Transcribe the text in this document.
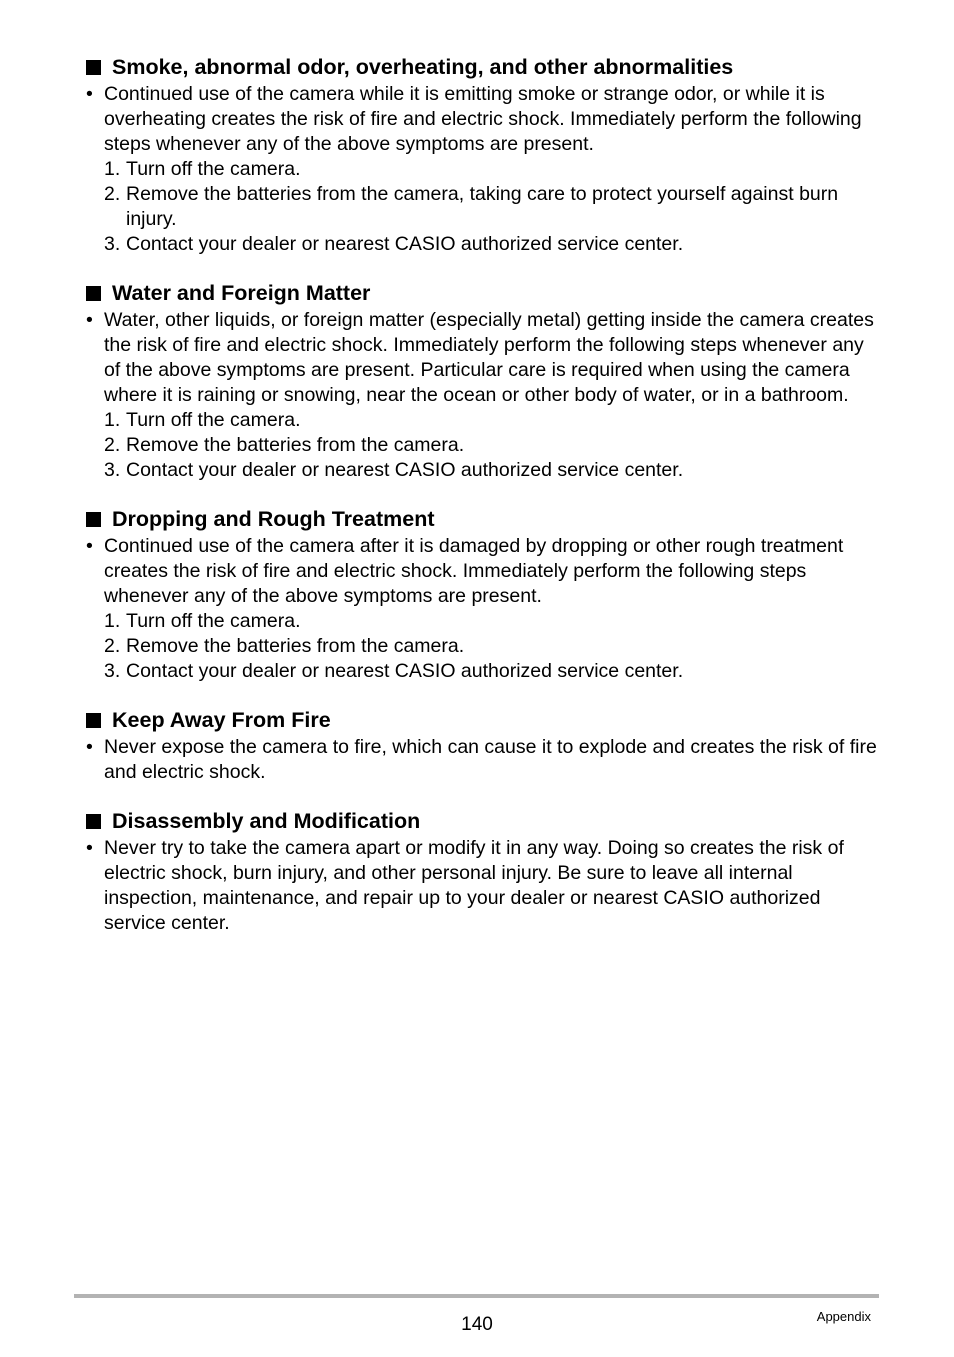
Smoke, abnormal odor, overheating, and other abnormalities
• Continued use of the camera while it is emitting smoke or strange odor, or while it is overheating creates the risk of fire and electric shock. Immediately perform the following steps whenever any of the above symptoms are present.
1. Turn off the camera.
2. Remove the batteries from the camera, taking care to protect yourself against burn injury.
3. Contact your dealer or nearest CASIO authorized service center.
Water and Foreign Matter
• Water, other liquids, or foreign matter (especially metal) getting inside the camera creates the risk of fire and electric shock. Immediately perform the following steps whenever any of the above symptoms are present. Particular care is required when using the camera where it is raining or snowing, near the ocean or other body of water, or in a bathroom.
1. Turn off the camera.
2. Remove the batteries from the camera.
3. Contact your dealer or nearest CASIO authorized service center.
Dropping and Rough Treatment
• Continued use of the camera after it is damaged by dropping or other rough treatment creates the risk of fire and electric shock. Immediately perform the following steps whenever any of the above symptoms are present.
1. Turn off the camera.
2. Remove the batteries from the camera.
3. Contact your dealer or nearest CASIO authorized service center.
Keep Away From Fire
• Never expose the camera to fire, which can cause it to explode and creates the risk of fire and electric shock.
Disassembly and Modification
• Never try to take the camera apart or modify it in any way. Doing so creates the risk of electric shock, burn injury, and other personal injury. Be sure to leave all internal inspection, maintenance, and repair up to your dealer or nearest CASIO authorized service center.
140	Appendix
